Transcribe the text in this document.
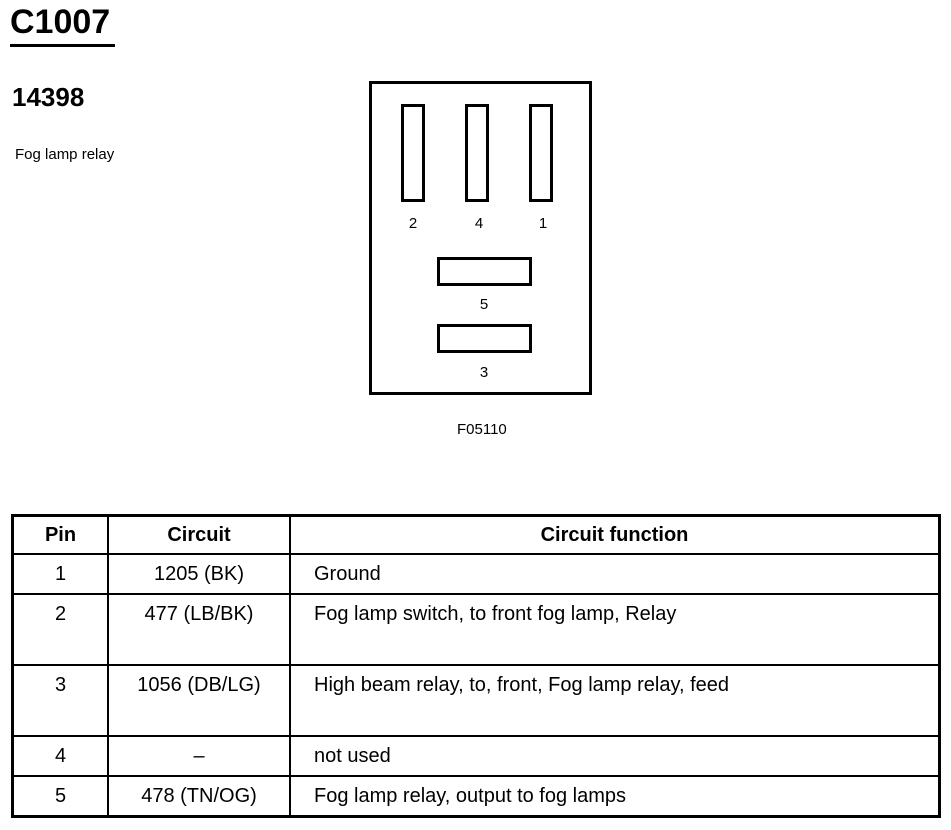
C1007
14398
Fog lamp relay
2	4	1
5
3
F05110
Pin	Circuit	Circuit function
1	1205 (BK)	Ground
2	477 (LB/BK)	Fog lamp switch, to front fog lamp, Relay
3	1056 (DB/LG)	High beam relay, to, front, Fog lamp relay, feed
4	–	not used
5	478 (TN/OG)	Fog lamp relay, output to fog lamps
